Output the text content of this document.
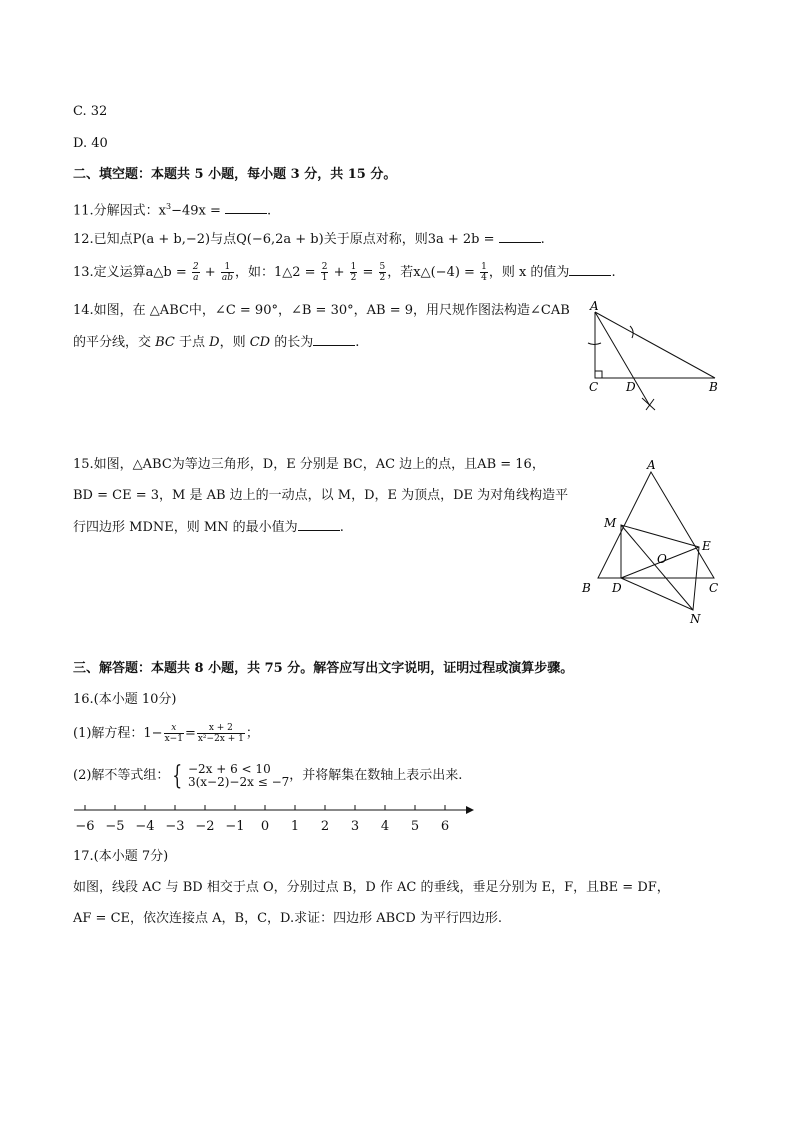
C. 32
D. 40
二、填空题：本题共 5 小题，每小题 3 分，共 15 分。
11.分解因式：$x^3-49x$ =	.
12.已知点P(a + b,−2)与点Q(−6,2a + b)关于原点对称，则3a + 2b =	.
13.定义运算a△b = $\frac{2}{a} + \frac{1}{ab}$ ，如：1△2 = $\frac{2}{1} + \frac{1}{2} = \frac{5}{2}$ ，若x△(−4) = $\frac{1}{4}$ ，则 x 的值为	.
14.如图，在 △ABC中，∠C = 90°，∠B = 30°，AB = 9，用尺规作图法构造∠CAB
的平分线，交 BC 于点 D，则 CD 的长为	.
A
C D	B
15.如图，△ABC为等边三角形，D，E 分别是 BC，AC 边上的点，且AB = 16，
BD = CE = 3，M 是 AB 边上的一动点，以 M，D，E 为顶点，DE 为对角线构造平
行四边形 MDNE，则 MN 的最小值为	.
A
B	C
D
E
M
N
O
三、解答题：本题共 8 小题，共 75 分。解答应写出文字说明，证明过程或演算步骤。
16.(本小题 10分)
(1)解方程：$1- \frac{x}{x-1} = \frac{x + 2}{\text{x²−2x + 1}}$ ；
(2)解不等式组： { −2x + 6 < 10
3(x−2)−2x ≤ −7 ，并将解集在数轴上表示出来.
−6 −5 −4 −3 −2 −1	0	1	2	3	4	5	6
17.(本小题 7分)
如图，线段 AC 与 BD 相交于点 O，分别过点 B，D 作 AC 的垂线，垂足分别为 E，F，且BE = DF，
AF = CE，依次连接点 A，B，C，D.求证：四边形 ABCD 为平行四边形.
